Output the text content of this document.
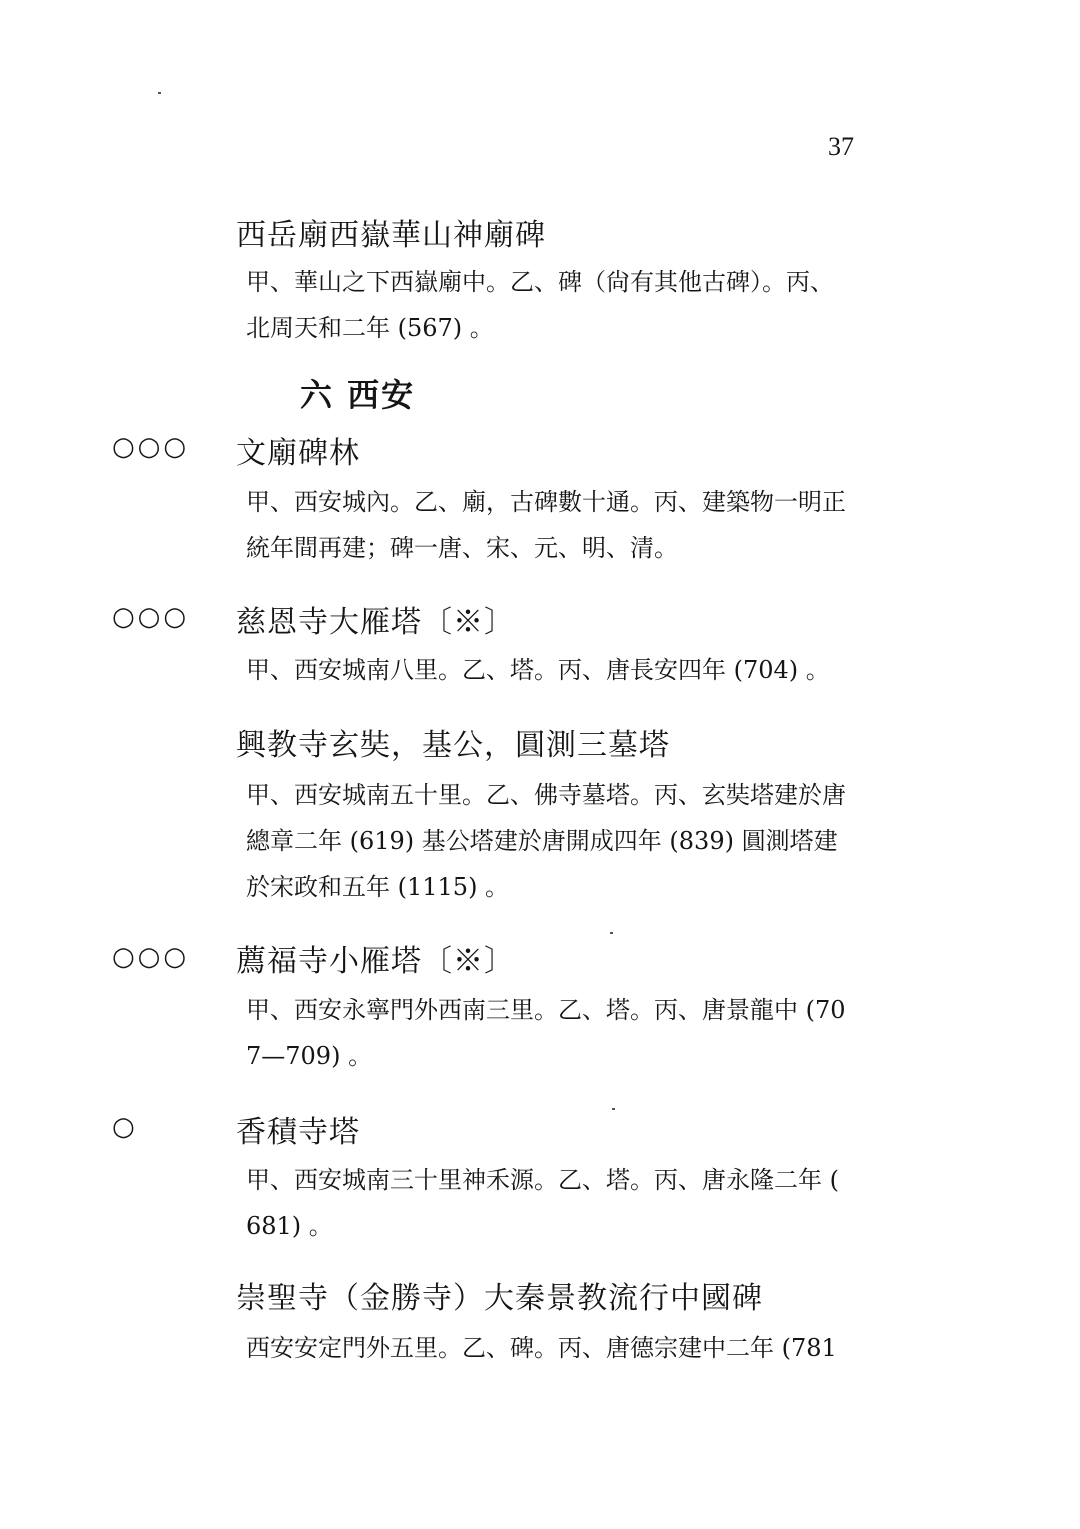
37
西岳廟西嶽華山神廟碑
甲、華山之下西嶽廟中。乙、碑（尙有其他古碑）。丙、
北周天和二年 (567) 。
六 西安
○○○ 文廟碑林
甲、西安城內。乙、廟，古碑數十通。丙、建築物一明正
統年間再建；碑一唐、宋、元、明、清。
○○○ 慈恩寺大雁塔〔※〕
甲、西安城南八里。乙、塔。丙、唐長安四年 (704) 。
興教寺玄奘，基公，圓測三墓塔
甲、西安城南五十里。乙、佛寺墓塔。丙、玄奘塔建於唐
總章二年 (619) 基公塔建於唐開成四年 (839) 圓測塔建
於宋政和五年 (1115) 。
○○○ 薦福寺小雁塔〔※〕
甲、西安永寧門外西南三里。乙、塔。丙、唐景龍中 (70
7—709) 。
○	香積寺塔
甲、西安城南三十里神禾源。乙、塔。丙、唐永隆二年 (
681) 。
崇聖寺（金勝寺）大秦景教流行中國碑
西安安定門外五里。乙、碑。丙、唐德宗建中二年 (781
